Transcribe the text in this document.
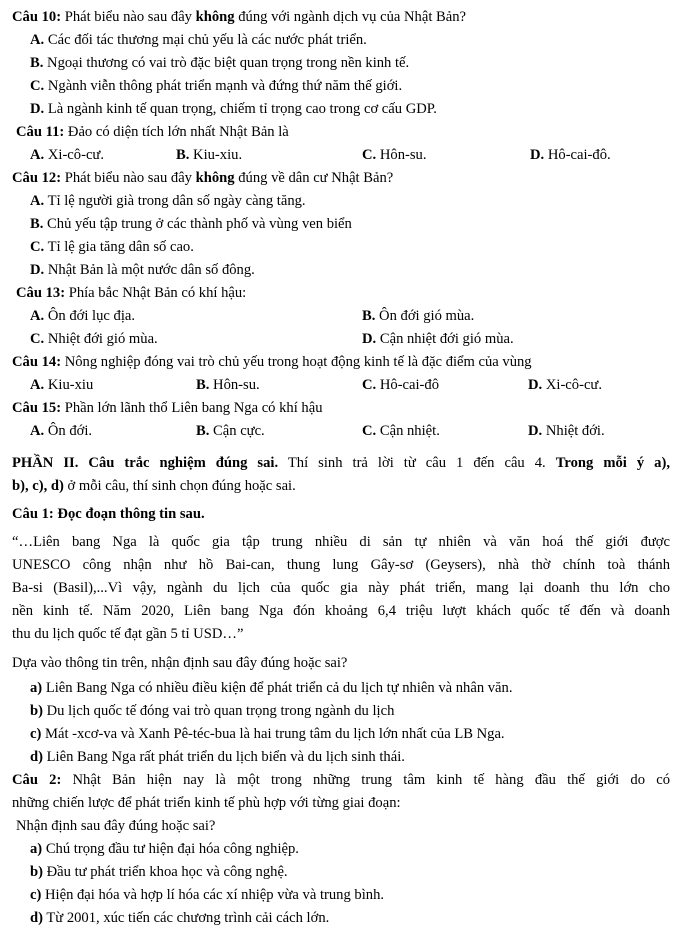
Câu 10: Phát biểu nào sau đây không đúng với ngành dịch vụ của Nhật Bản?
A. Các đối tác thương mại chủ yếu là các nước phát triển.
B. Ngoại thương có vai trò đặc biệt quan trọng trong nền kinh tế.
C. Ngành viễn thông phát triển mạnh và đứng thứ năm thế giới.
D. Là ngành kinh tế quan trọng, chiếm tỉ trọng cao trong cơ cấu GDP.
Câu 11: Đảo có diện tích lớn nhất Nhật Bản là
A. Xi-cô-cư.	B. Kiu-xiu.	C. Hôn-su.	D. Hô-cai-đô.
Câu 12: Phát biểu nào sau đây không đúng về dân cư Nhật Bản?
A. Tỉ lệ người già trong dân số ngày càng tăng.
B. Chủ yếu tập trung ở các thành phố và vùng ven biển
C. Tỉ lệ gia tăng dân số cao.
D. Nhật Bản là một nước dân số đông.
Câu 13: Phía bắc Nhật Bản có khí hậu:
A. Ôn đới lục địa.	B. Ôn đới gió mùa.
C. Nhiệt đới gió mùa.	D. Cận nhiệt đới gió mùa.
Câu 14: Nông nghiệp đóng vai trò chủ yếu trong hoạt động kinh tế là đặc điểm của vùng
A. Kiu-xiu	B. Hôn-su.	C. Hô-cai-đô	D. Xi-cô-cư.
Câu 15: Phần lớn lãnh thổ Liên bang Nga có khí hậu
A. Ôn đới.	B. Cận cực.	C. Cận nhiệt.	D. Nhiệt đới.
PHẦN II. Câu trắc nghiệm đúng sai. Thí sinh trả lời từ câu 1 đến câu 4. Trong mỗi ý a),
b), c), d) ở mỗi câu, thí sinh chọn đúng hoặc sai.
Câu 1: Đọc đoạn thông tin sau.
“…Liên bang Nga là quốc gia tập trung nhiều di sản tự nhiên và văn hoá thế giới được
UNESCO công nhận như hồ Bai-can, thung lung Gây-sơ (Geysers), nhà thờ chính toà thánh
Ba-si (Basil),...Vì vậy, ngành du lịch của quốc gia này phát triển, mang lại doanh thu lớn cho
nền kinh tế. Năm 2020, Liên bang Nga đón khoảng 6,4 triệu lượt khách quốc tế đến và doanh
thu du lịch quốc tế đạt gần 5 tỉ USD…”
Dựa vào thông tin trên, nhận định sau đây đúng hoặc sai?
a) Liên Bang Nga có nhiều điều kiện để phát triển cả du lịch tự nhiên và nhân văn.
b) Du lịch quốc tế đóng vai trò quan trọng trong ngành du lịch
c) Mát -xcơ-va và Xanh Pê-téc-bua là hai trung tâm du lịch lớn nhất của LB Nga.
d) Liên Bang Nga rất phát triển du lịch biển và du lịch sinh thái.
Câu 2: Nhật Bản hiện nay là một trong những trung tâm kinh tế hàng đầu thế giới do có
những chiến lược để phát triển kinh tế phù hợp với từng giai đoạn:
Nhận định sau đây đúng hoặc sai?
a) Chú trọng đầu tư hiện đại hóa công nghiệp.
b) Đầu tư phát triển khoa học và công nghệ.
c) Hiện đại hóa và hợp lí hóa các xí nhiệp vừa và trung bình.
d) Từ 2001, xúc tiến các chương trình cải cách lớn.
